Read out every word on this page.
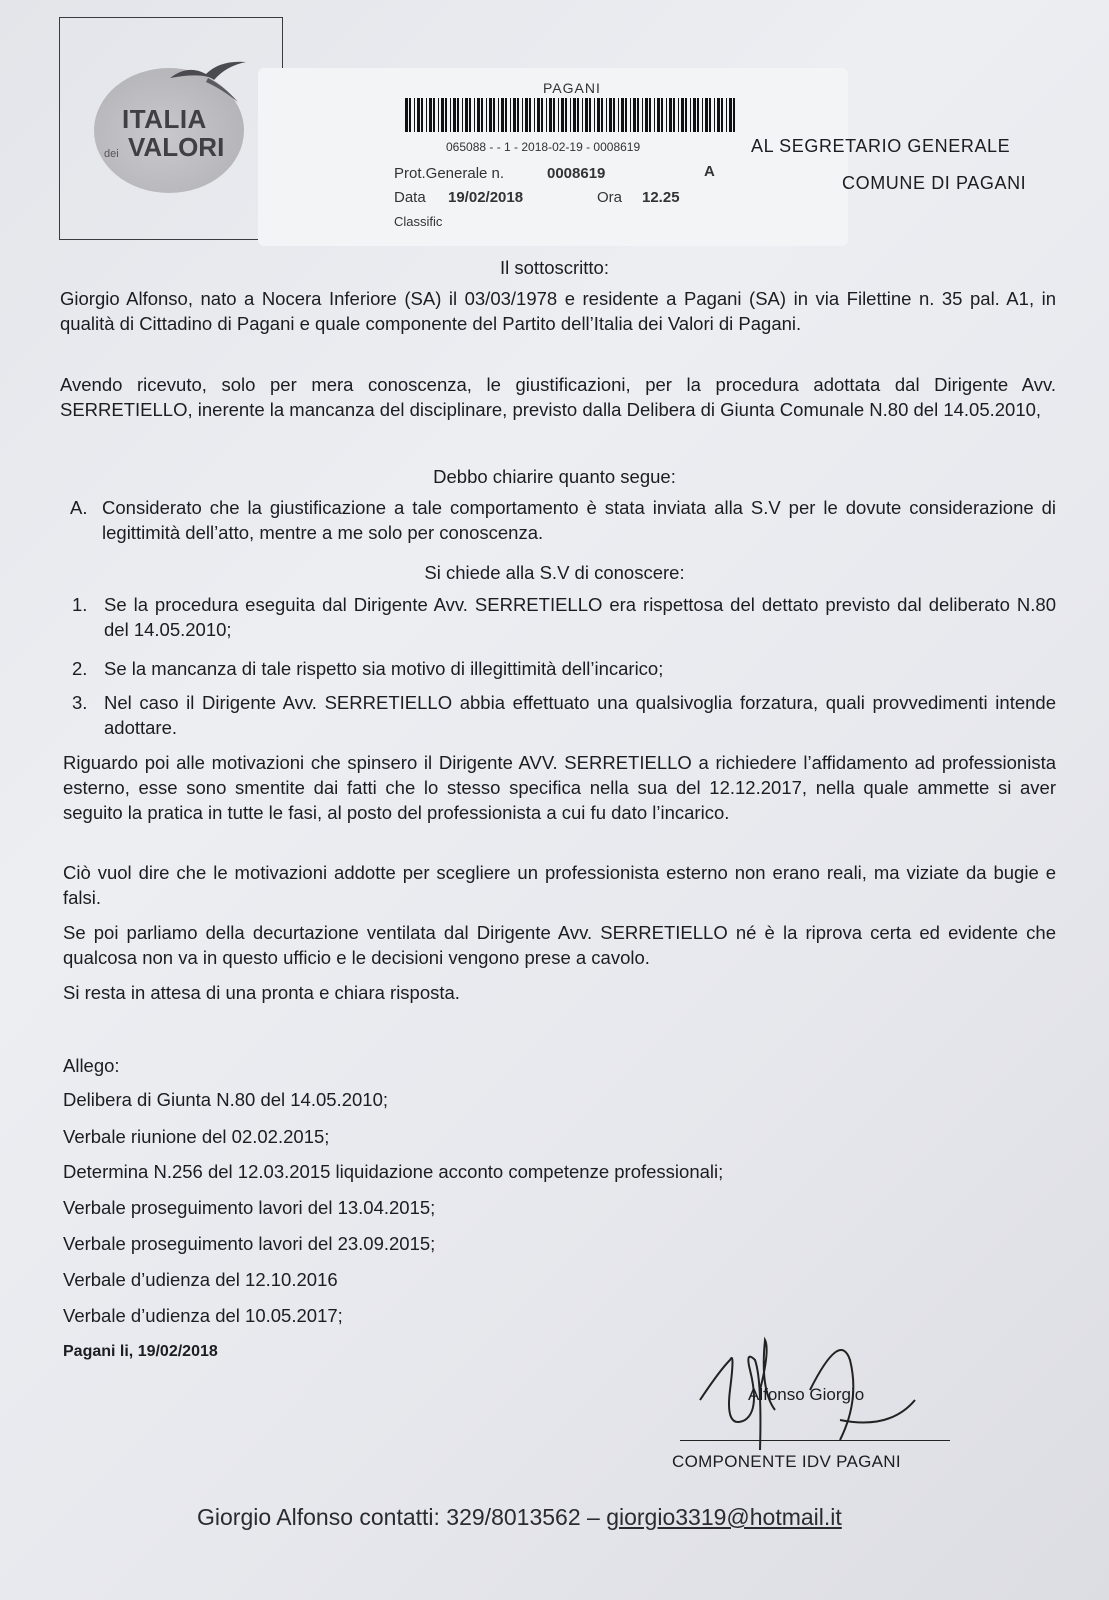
ITALIA
dei VALORI
PAGANI
065088 - - 1 - 2018-02-19 - 0008619
Prot.Generale n.	0008619	A
Data 19/02/2018	Ora 12.25
Classific
AL SEGRETARIO GENERALE
COMUNE DI PAGANI
Il sottoscritto:
Giorgio Alfonso, nato a Nocera Inferiore (SA) il 03/03/1978 e residente a Pagani (SA) in via Filettine n. 35 pal. A1, in qualità di Cittadino di Pagani e quale componente del Partito dell’Italia dei Valori di Pagani.
Avendo ricevuto, solo per mera conoscenza, le giustificazioni, per la procedura adottata dal Dirigente Avv. SERRETIELLO, inerente la mancanza del disciplinare, previsto dalla Delibera di Giunta Comunale N.80 del 14.05.2010,
Debbo chiarire quanto segue:
A. Considerato che la giustificazione a tale comportamento è stata inviata alla S.V per le dovute considerazione di legittimità dell’atto, mentre a me solo per conoscenza.
Si chiede alla S.V di conoscere:
1. Se la procedura eseguita dal Dirigente Avv. SERRETIELLO era rispettosa del dettato previsto dal deliberato N.80 del 14.05.2010;
2. Se la mancanza di tale rispetto sia motivo di illegittimità dell’incarico;
3. Nel caso il Dirigente Avv. SERRETIELLO abbia effettuato una qualsivoglia forzatura, quali provvedimenti intende adottare.
Riguardo poi alle motivazioni che spinsero il Dirigente AVV. SERRETIELLO a richiedere l’affidamento ad professionista esterno, esse sono smentite dai fatti che lo stesso specifica nella sua del 12.12.2017, nella quale ammette si aver seguito la pratica in tutte le fasi, al posto del professionista a cui fu dato l’incarico.
Ciò vuol dire che le motivazioni addotte per scegliere un professionista esterno non erano reali, ma viziate da bugie e falsi.
Se poi parliamo della decurtazione ventilata dal Dirigente Avv. SERRETIELLO né è la riprova certa ed evidente che qualcosa non va in questo ufficio e le decisioni vengono prese a cavolo.
Si resta in attesa di una pronta e chiara risposta.
Allego:
Delibera di Giunta N.80 del 14.05.2010;
Verbale riunione del 02.02.2015;
Determina N.256 del 12.03.2015 liquidazione acconto competenze professionali;
Verbale proseguimento lavori del 13.04.2015;
Verbale proseguimento lavori del 23.09.2015;
Verbale d’udienza del 12.10.2016
Verbale d’udienza del 10.05.2017;
Pagani li, 19/02/2018
Alfonso Giorgio
COMPONENTE IDV PAGANI
Giorgio Alfonso contatti: 329/8013562 – giorgio3319@hotmail.it
